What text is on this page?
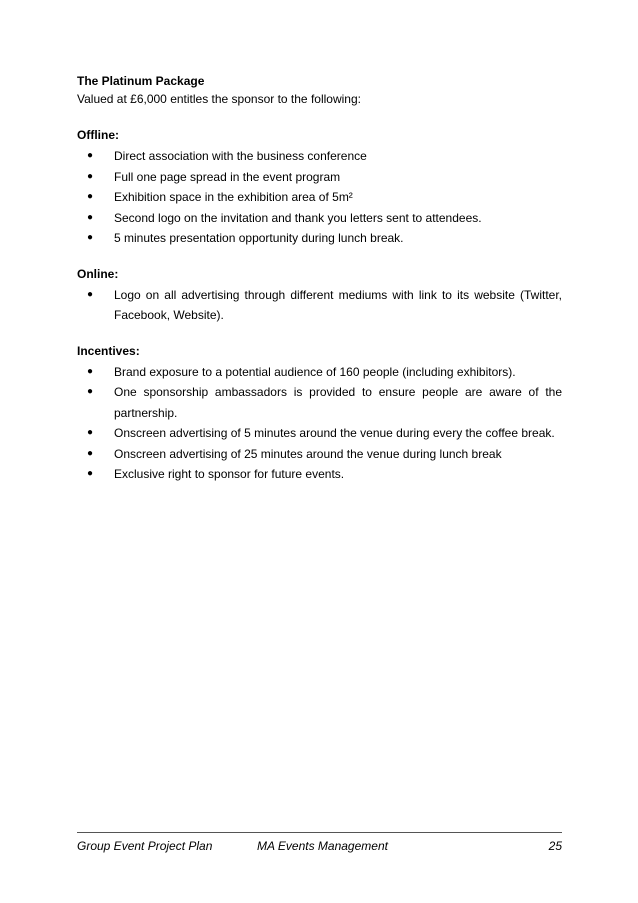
The Platinum Package

Valued at £6,000 entitles the sponsor to the following:

Offline:

● Direct association with the business conference
● Full one page spread in the event program
● Exhibition space in the exhibition area of 5m²
● Second logo on the invitation and thank you letters sent to attendees.
● 5 minutes presentation opportunity during lunch break.

Online:

● Logo on all advertising through different mediums with link to its website (Twitter, Facebook, Website).

Incentives:

● Brand exposure to a potential audience of 160 people (including exhibitors).
● One sponsorship ambassadors is provided to ensure people are aware of the partnership.
● Onscreen advertising of 5 minutes around the venue during every the coffee break.
● Onscreen advertising of 25 minutes around the venue during lunch break
● Exclusive right to sponsor for future events.
Group Event Project Plan	MA Events Management	25
